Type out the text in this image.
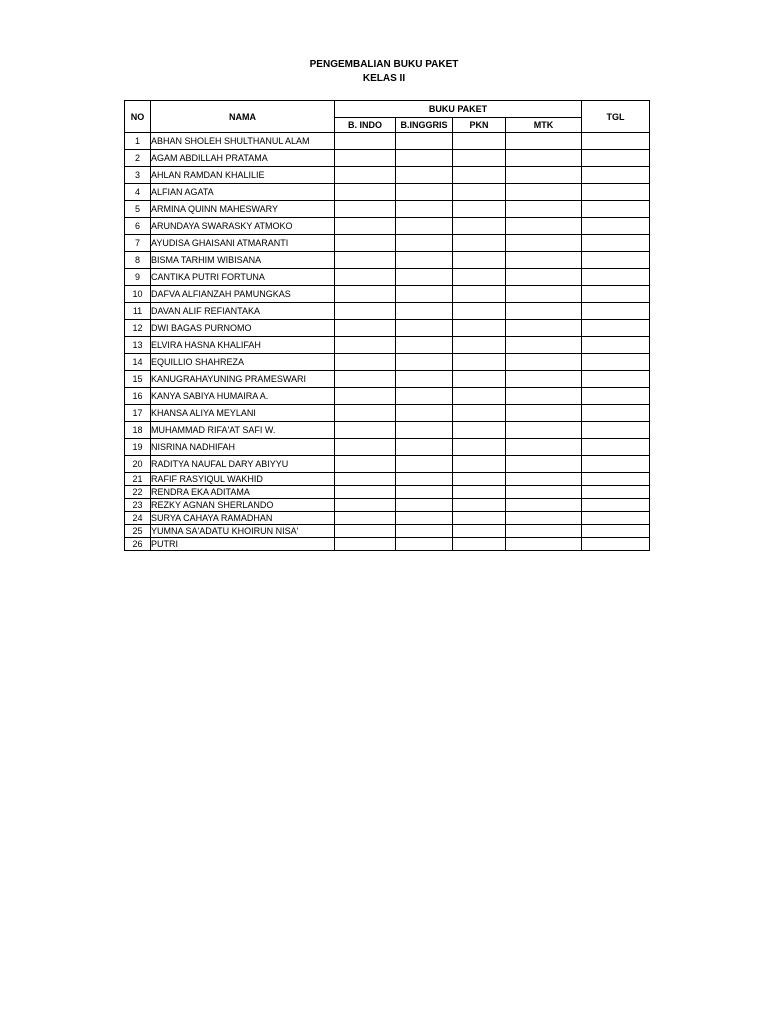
PENGEMBALIAN BUKU PAKET
KELAS II
NO	NAMA	BUKU PAKET				TGL
		B. INDO	B.INGGRIS	PKN	MTK	
1	ABHAN SHOLEH SHULTHANUL ALAM					
2	AGAM ABDILLAH PRATAMA					
3	AHLAN RAMDAN KHALILIE					
4	ALFIAN AGATA					
5	ARMINA QUINN MAHESWARY					
6	ARUNDAYA SWARASKY ATMOKO					
7	AYUDISA GHAISANI ATMARANTI					
8	BISMA TARHIM WIBISANA					
9	CANTIKA PUTRI FORTUNA					
10	DAFVA ALFIANZAH PAMUNGKAS					
11	DAVAN ALIF REFIANTAKA					
12	DWI BAGAS PURNOMO					
13	ELVIRA HASNA KHALIFAH					
14	EQUILLIO SHAHREZA					
15	KANUGRAHAYUNING PRAMESWARI					
16	KANYA SABIYA HUMAIRA A.					
17	KHANSA ALIYA MEYLANI					
18	MUHAMMAD RIFA'AT SAFI W.					
19	NISRINA NADHIFAH					
20	RADITYA NAUFAL DARY ABIYYU					
21	RAFIF RASYIQUL WAKHID					
22	RENDRA EKA ADITAMA					
23	REZKY AGNAN SHERLANDO					
24	SURYA CAHAYA RAMADHAN					
25	YUMNA SA'ADATU KHOIRUN NISA'					
26	PUTRI					
